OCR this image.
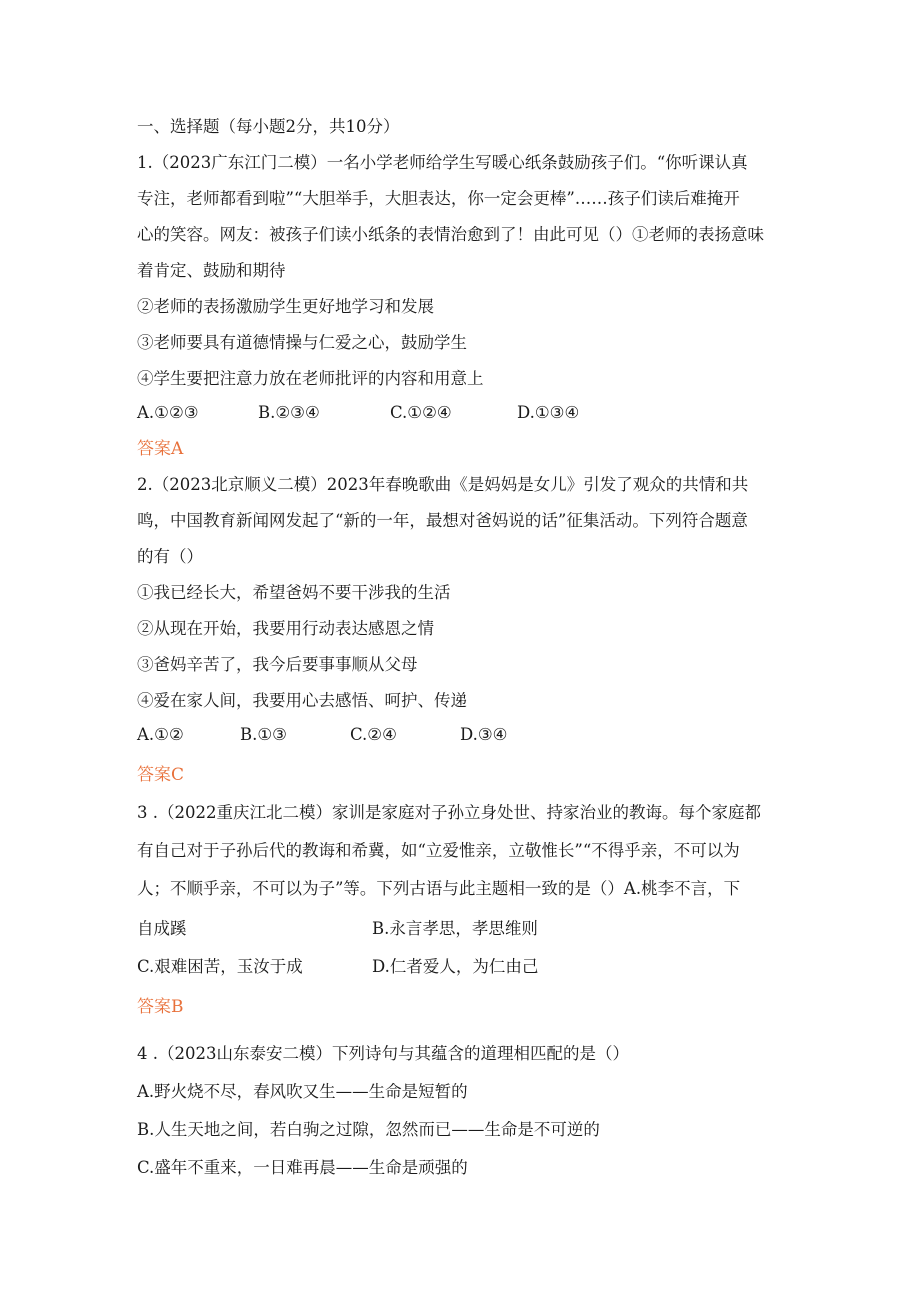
一、选择题（每小题2分，共10分）
1.（2023广东江门二模）一名小学老师给学生写暖心纸条鼓励孩子们。“你听课认真
专注，老师都看到啦”“大胆举手，大胆表达，你一定会更棒”……孩子们读后难掩开
心的笑容。网友：被孩子们读小纸条的表情治愈到了！由此可见（）①老师的表扬意味
着肯定、鼓励和期待
②老师的表扬激励学生更好地学习和发展
③老师要具有道德情操与仁爱之心，鼓励学生
④学生要把注意力放在老师批评的内容和用意上
A.①②③	B.②③④	C.①②④	D.①③④
答案A
2.（2023北京顺义二模）2023年春晚歌曲《是妈妈是女儿》引发了观众的共情和共
鸣，中国教育新闻网发起了“新的一年，最想对爸妈说的话”征集活动。下列符合题意
的有（）
①我已经长大，希望爸妈不要干涉我的生活
②从现在开始，我要用行动表达感恩之情
③爸妈辛苦了，我今后要事事顺从父母
④爱在家人间，我要用心去感悟、呵护、传递
A.①②	B.①③	C.②④	D.③④
答案C
3 .（2022重庆江北二模）家训是家庭对子孙立身处世、持家治业的教诲。每个家庭都
有自己对于子孙后代的教诲和希冀，如“立爱惟亲，立敬惟长”“不得乎亲，不可以为
人；不顺乎亲，不可以为子”等。下列古语与此主题相一致的是（）A.桃李不言，下
自成蹊	B.永言孝思，孝思维则
C.艰难困苦，玉汝于成	D.仁者爱人，为仁由己
答案B
4 .（2023山东泰安二模）下列诗句与其蕴含的道理相匹配的是（）
A.野火烧不尽，春风吹又生——生命是短暂的
B.人生天地之间，若白驹之过隙，忽然而已——生命是不可逆的
C.盛年不重来，一日难再晨——生命是顽强的
